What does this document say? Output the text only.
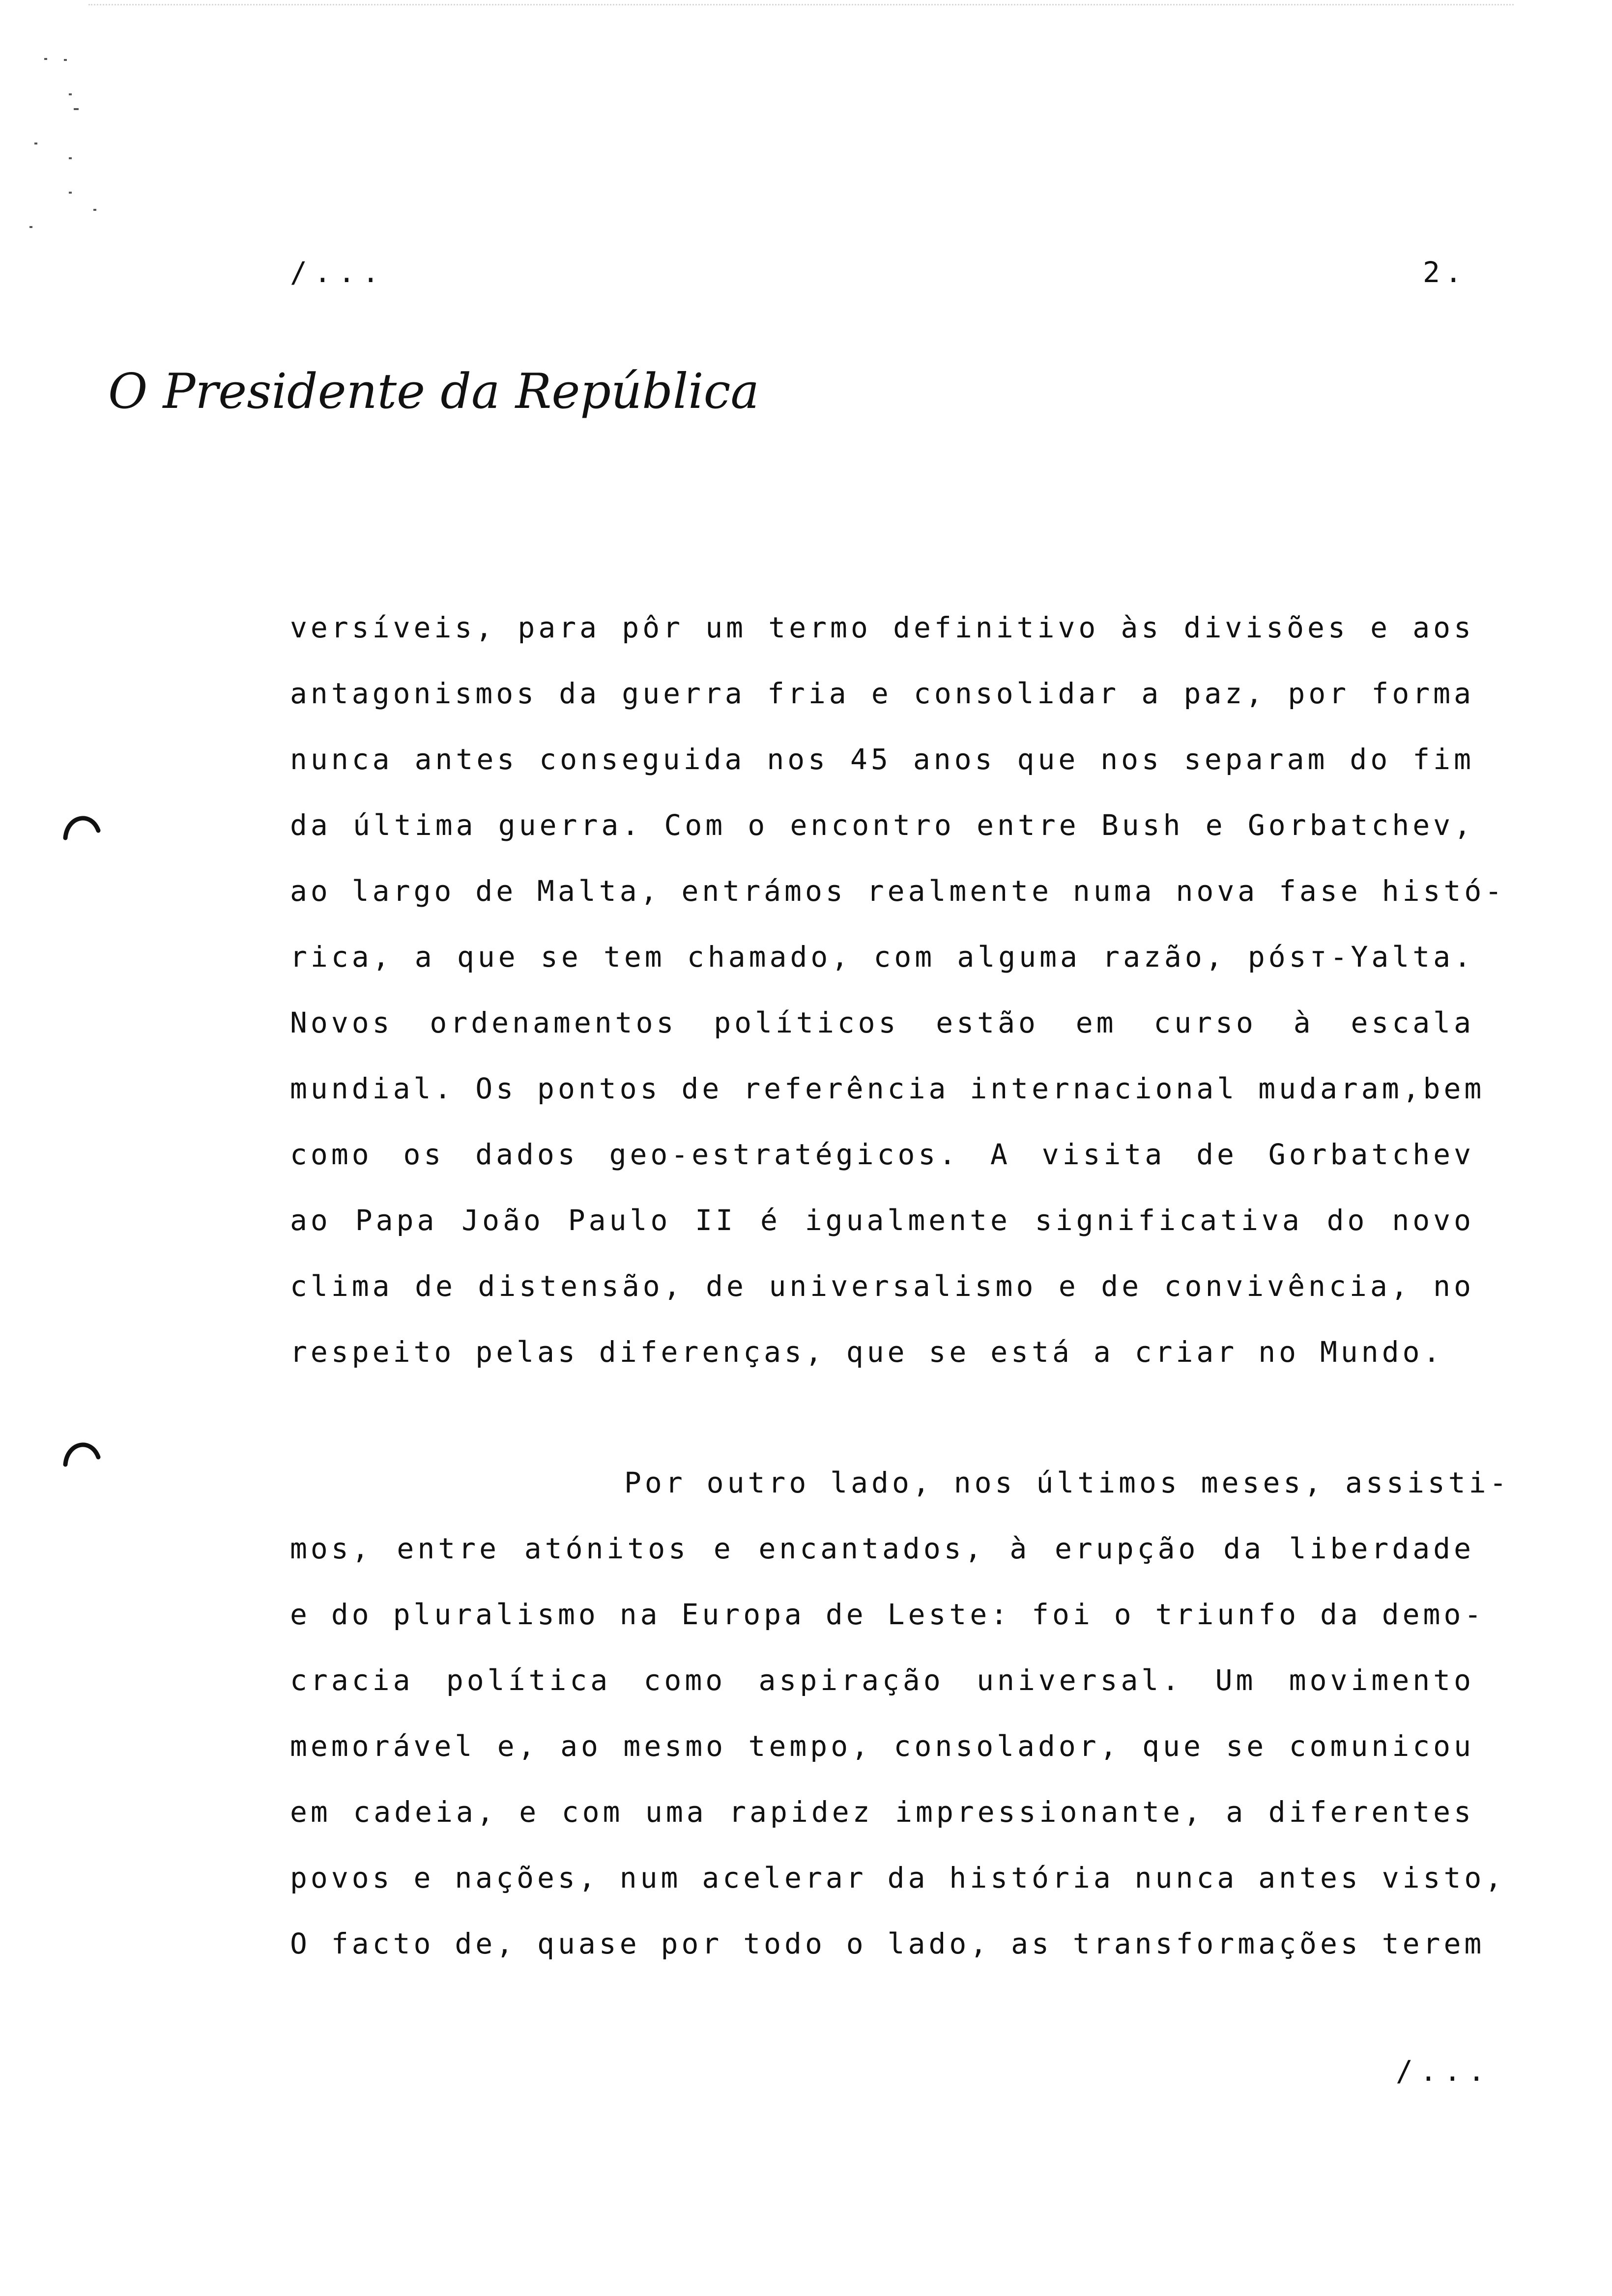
/...	2.
O Presidente da República
versíveis, para pôr um termo definitivo às divisões e aos
antagonismos da guerra fria e consolidar a paz, por forma
nunca antes conseguida nos 45 anos que nos separam do fim
da última guerra. Com o encontro entre Bush e Gorbatchev,
ao largo de Malta, entrámos realmente numa nova fase histó-
rica, a que se tem chamado, com alguma razão, pósт-Yalta.
Novos ordenamentos políticos estão em curso à escala
mundial. Os pontos de referência internacional mudaram,bem
como os dados geo-estratégicos. A visita de Gorbatchev
ao Papa João Paulo II é igualmente significativa do novo
clima de distensão, de universalismo e de convivência, no
respeito pelas diferenças, que se está a criar no Mundo.
Por outro lado, nos últimos meses, assisti-
mos, entre atónitos e encantados, à erupção da liberdade
e do pluralismo na Europa de Leste: foi o triunfo da demo-
cracia política como aspiração universal. Um movimento
memorável e, ao mesmo tempo, consolador, que se comunicou
em cadeia, e com uma rapidez impressionante, a diferentes
povos e nações, num acelerar da história nunca antes visto,
O facto de, quase por todo o lado, as transformações terem
/...
